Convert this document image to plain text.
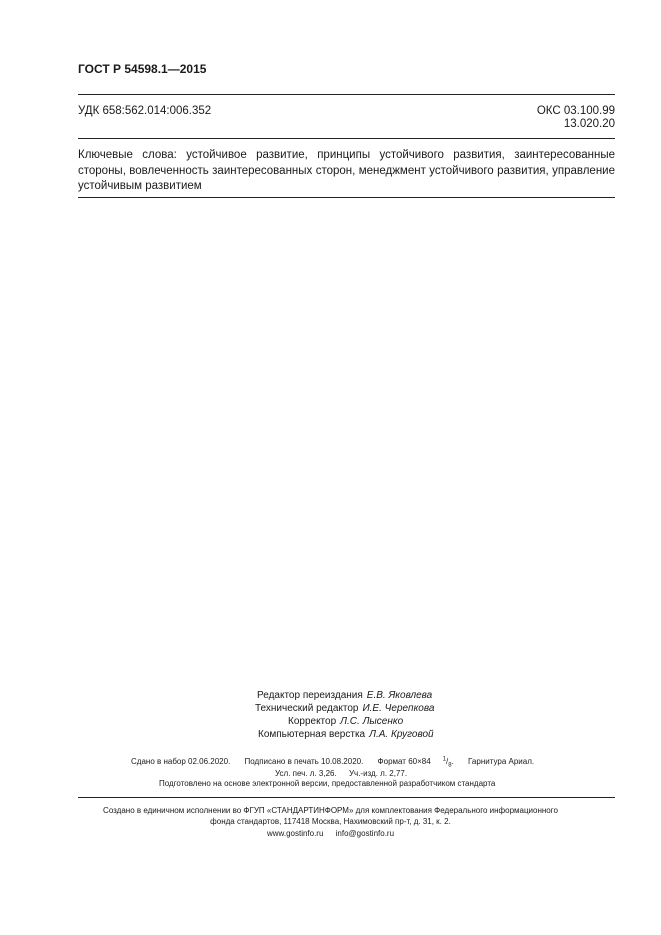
ГОСТ Р 54598.1—2015
УДК 658:562.014:006.352	ОКС 03.100.99
13.020.20
Ключевые слова: устойчивое развитие, принципы устойчивого развития, заинтересованные стороны, вовлеченность заинтересованных сторон, менеджмент устойчивого развития, управление устойчивым развитием
Редактор переиздания Е.В. Яковлева
Технический редактор И.Е. Черепкова
Корректор Л.С. Лысенко
Компьютерная верстка Л.А. Круговой
Сдано в набор 02.06.2020. Подписано в печать 10.08.2020. Формат 60×84 $^1/_8$. Гарнитура Ариал.
Усл. печ. л. 3,26. Уч.-изд. л. 2,77.
Подготовлено на основе электронной версии, предоставленной разработчиком стандарта
Создано в единичном исполнении во ФГУП «СТАНДАРТИНФОРМ» для комплектования Федерального информационного
фонда стандартов, 117418 Москва, Нахимовский пр-т, д. 31, к. 2.
www.gostinfo.ru info@gostinfo.ru
